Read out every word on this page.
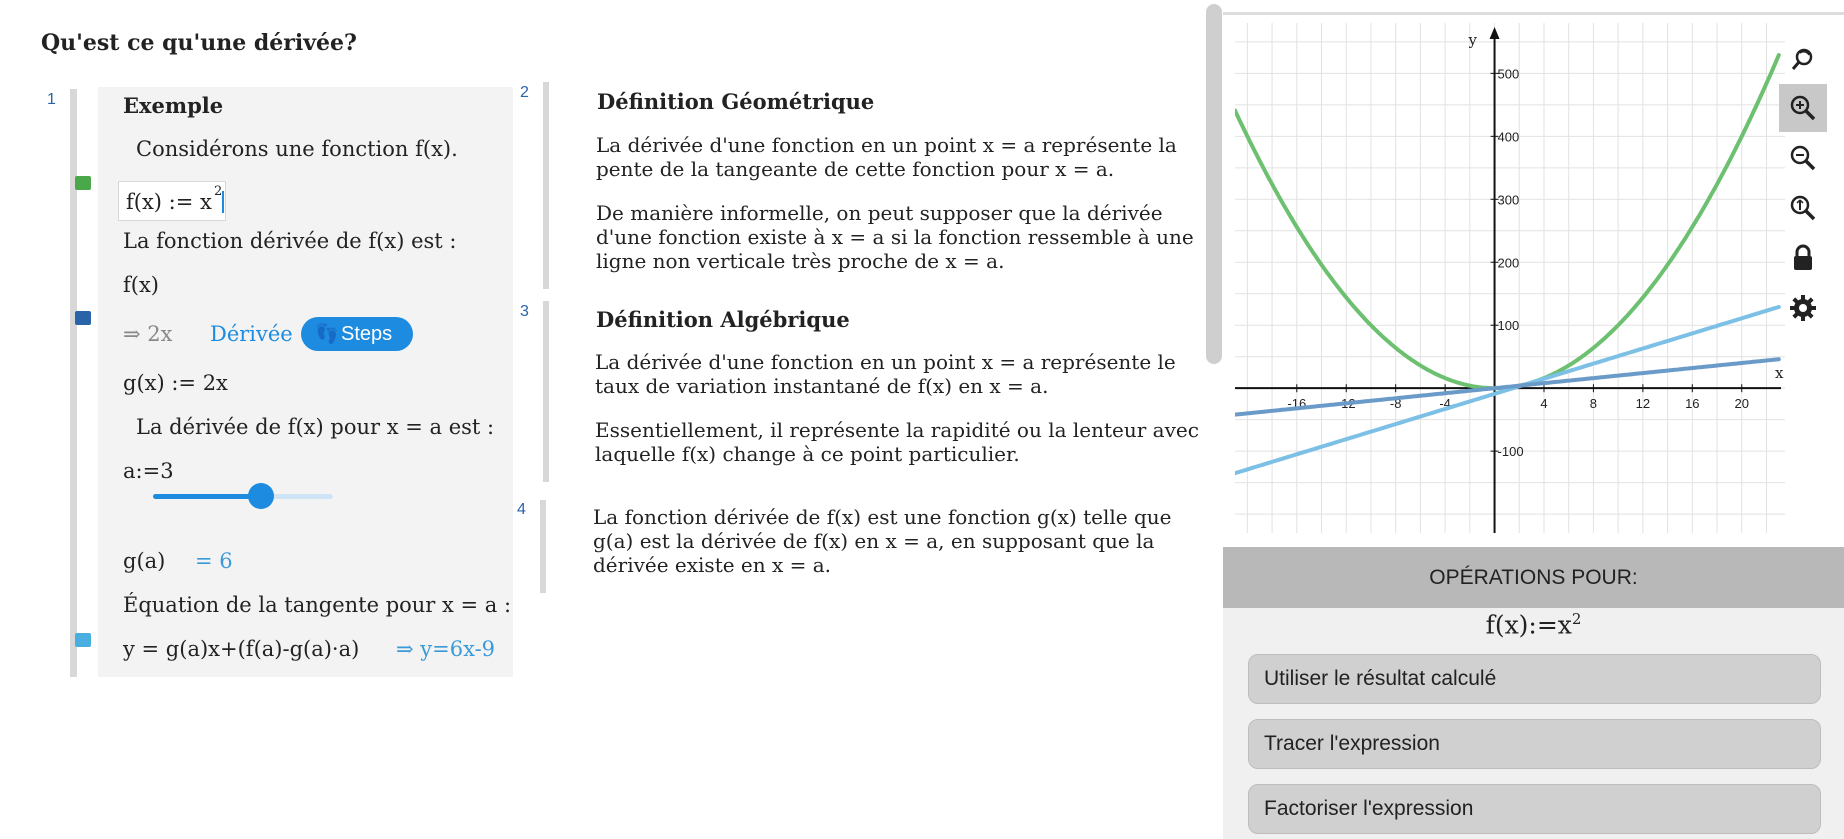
Qu'est ce qu'une dérivée?
1	Exemple
Considérons une fonction f(x).
f(x) := x 2
La fonction dérivée de f(x) est :
f(x)
⇒ 2x Dérivée 👣 Steps
g(x) := 2x
La dérivée de f(x) pour x = a est :
a:=3
g(a) = 6
Équation de la tangente pour x = a :
y = g(a)x+(f(a)-g(a)·a) ⇒ y=6x-9
2	Définition Géométrique
La dérivée d'une fonction en un point x = a représente la pente de la tangeante de cette fonction pour x = a.
De manière informelle, on peut supposer que la dérivée d'une fonction existe à x = a si la fonction ressemble à une ligne non verticale très proche de x = a.
3	Définition Algébrique
La dérivée d'une fonction en un point x = a représente le taux de variation instantané de f(x) en x = a.
Essentiellement, il représente la rapidité ou la lenteur avec laquelle f(x) change à ce point particulier.
4	La fonction dérivée de f(x) est une fonction g(x) telle que g(a) est la dérivée de f(x) en x = a, en supposant que la dérivée existe en x = a.
-16 -12	-8	-4	4	8	12	16	20
-100
100
200
300
400
500
x
y
OPÉRATIONS POUR:
$f(x):=x^2$
Utiliser le résultat calculé
Tracer l'expression
Factoriser l'expression
